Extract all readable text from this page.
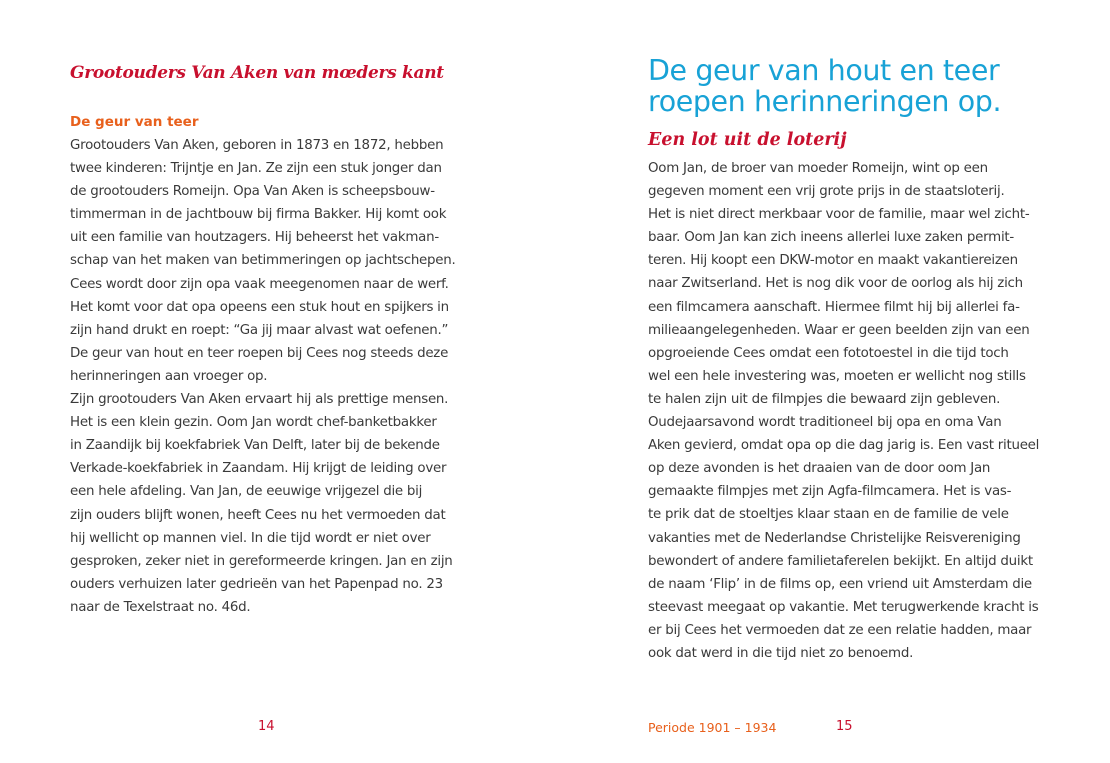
Grootouders Van Aken van mœders kant
De geur van teer

Grootouders Van Aken, geboren in 1873 en 1872, hebben

twee kinderen: Trijntje en Jan. Ze zijn een stuk jonger dan

de grootouders Romeijn. Opa Van Aken is scheepsbouw-

timmerman in de jachtbouw bij firma Bakker. Hij komt ook

uit een familie van houtzagers. Hij beheerst het vakman-

schap van het maken van betimmeringen op jachtschepen.

Cees wordt door zijn opa vaak meegenomen naar de werf.

Het komt voor dat opa opeens een stuk hout en spijkers in

zijn hand drukt en roept: “Ga jij maar alvast wat oefenen.”

De geur van hout en teer roepen bij Cees nog steeds deze

herinneringen aan vroeger op.

Zijn grootouders Van Aken ervaart hij als prettige mensen.

Het is een klein gezin. Oom Jan wordt chef-banketbakker

in Zaandijk bij koekfabriek Van Delft, later bij de bekende

Verkade-koekfabriek in Zaandam. Hij krijgt de leiding over

een hele afdeling. Van Jan, de eeuwige vrijgezel die bij

zijn ouders blijft wonen, heeft Cees nu het vermoeden dat

hij wellicht op mannen viel. In die tijd wordt er niet over

gesproken, zeker niet in gereformeerde kringen. Jan en zijn

ouders verhuizen later gedrieën van het Papenpad no. 23

naar de Texelstraat no. 46d.

14
De geur van hout en teer
roepen herinneringen op.
Een lot uit de loterij

Oom Jan, de broer van moeder Romeijn, wint op een

gegeven moment een vrij grote prijs in de staatsloterij.

Het is niet direct merkbaar voor de familie, maar wel zicht-

baar. Oom Jan kan zich ineens allerlei luxe zaken permit-

teren. Hij koopt een DKW-motor en maakt vakantiereizen

naar Zwitserland. Het is nog dik voor de oorlog als hij zich

een filmcamera aanschaft. Hiermee filmt hij bij allerlei fa-

milieaangelegenheden. Waar er geen beelden zijn van een

opgroeiende Cees omdat een fototoestel in die tijd toch

wel een hele investering was, moeten er wellicht nog stills

te halen zijn uit de filmpjes die bewaard zijn gebleven.

Oudejaarsavond wordt traditioneel bij opa en oma Van

Aken gevierd, omdat opa op die dag jarig is. Een vast ritueel

op deze avonden is het draaien van de door oom Jan

gemaakte filmpjes met zijn Agfa-filmcamera. Het is vas-

te prik dat de stoeltjes klaar staan en de familie de vele

vakanties met de Nederlandse Christelijke Reisvereniging

bewondert of andere familietaferelen bekijkt. En altijd duikt

de naam ‘Flip’ in de films op, een vriend uit Amsterdam die

steevast meegaat op vakantie. Met terugwerkende kracht is

er bij Cees het vermoeden dat ze een relatie hadden, maar

ook dat werd in die tijd niet zo benoemd.

Periode 1901 – 1934	15
